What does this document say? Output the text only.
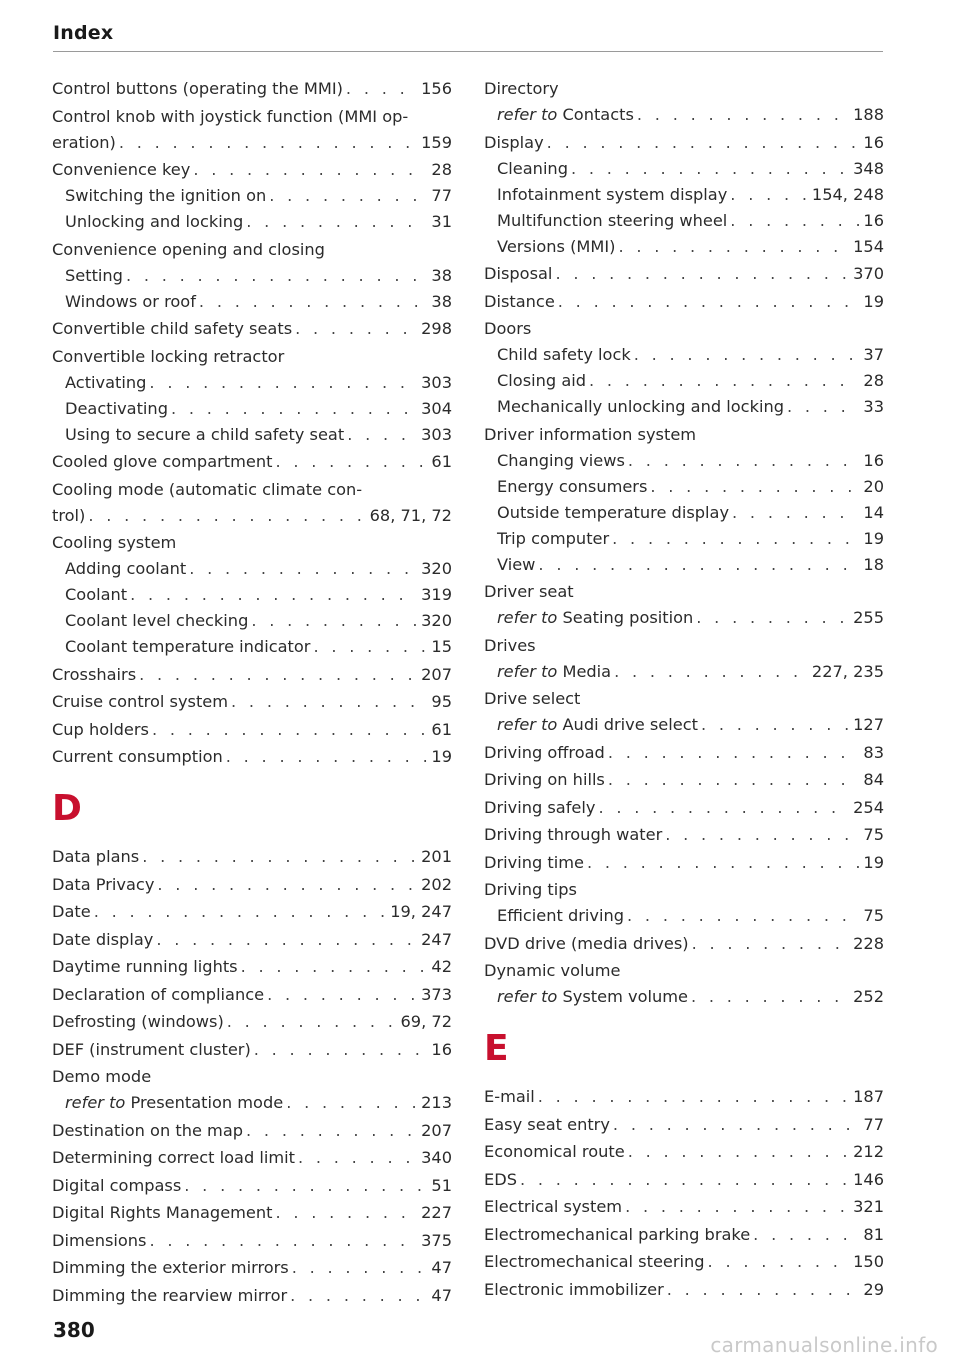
Index
Control buttons (operating the MMI) . . .	156
Control knob with joystick function (MMI op-
eration) . . .	159
Convenience key . . .	28
Switching the ignition on . . .	77
Unlocking and locking . . .	31
Convenience opening and closing
Setting . . .	38
Windows or roof . . .	38
Convertible child safety seats . . .	298
Convertible locking retractor
Activating . . .	303
Deactivating . . .	304
Using to secure a child safety seat . . .	303
Cooled glove compartment . . .	61
Cooling mode (automatic climate con-
trol) . . .	68, 71, 72
Cooling system
Adding coolant . . .	320
Coolant . . .	319
Coolant level checking . . .	320
Coolant temperature indicator . . .	15
Crosshairs . . .	207
Cruise control system . . .	95
Cup holders . . .	61
Current consumption . . .	19
D
Data plans . . .	201
Data Privacy . . .	202
Date . . .	19, 247
Date display . . .	247
Daytime running lights . . .	42
Declaration of compliance . . .	373
Defrosting (windows) . . .	69, 72
DEF (instrument cluster) . . .	16
Demo mode
refer to Presentation mode . . .	213
Destination on the map . . .	207
Determining correct load limit . . .	340
Digital compass . . .	51
Digital Rights Management . . .	227
Dimensions . . .	375
Dimming the exterior mirrors . . .	47
Dimming the rearview mirror . . .	47
Directory
refer to Contacts . . .	188
Display . . .	16
Cleaning . . .	348
Infotainment system display . . .	154, 248
Multifunction steering wheel . . .	16
Versions (MMI) . . .	154
Disposal . . .	370
Distance . . .	19
Doors
Child safety lock . . .	37
Closing aid . . .	28
Mechanically unlocking and locking . . .	33
Driver information system
Changing views . . .	16
Energy consumers . . .	20
Outside temperature display . . .	14
Trip computer . . .	19
View . . .	18
Driver seat
refer to Seating position . . .	255
Drives
refer to Media . . .	227, 235
Drive select
refer to Audi drive select . . .	127
Driving offroad . . .	83
Driving on hills . . .	84
Driving safely . . .	254
Driving through water . . .	75
Driving time . . .	19
Driving tips
Efficient driving . . .	75
DVD drive (media drives) . . .	228
Dynamic volume
refer to System volume . . .	252
E
E-mail . . .	187
Easy seat entry . . .	77
Economical route . . .	212
EDS . . .	146
Electrical system . . .	321
Electromechanical parking brake . . .	81
Electromechanical steering . . .	150
Electronic immobilizer . . .	29
380
carmanualsonline.info
